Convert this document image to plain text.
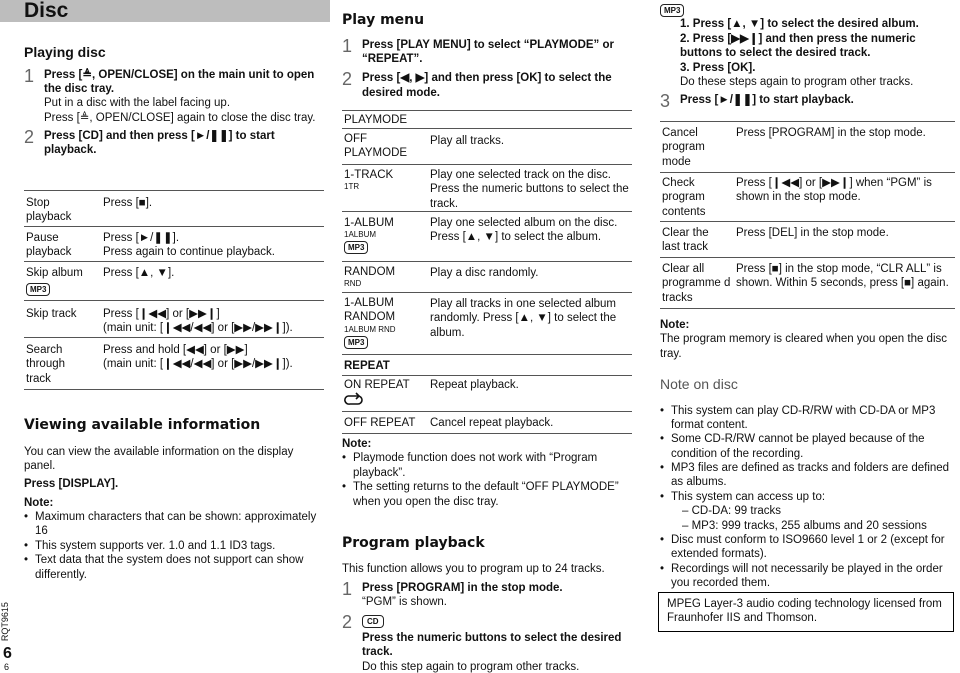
Disc
RQT9615
6
6
Playing disc
1 Press [≜, OPEN/CLOSE] on the main unit to open the disc tray.
Put in a disc with the label facing up.
Press [≜, OPEN/CLOSE] again to close the disc tray.
2 Press [CD] and then press [►/❚❚] to start playback.
Stop playback
Press [■].
Pause playback
Press [►/❚❚].
Press again to continue playback.
Skip album
MP3
Press [▲, ▼].
Skip track Press [❙◀◀] or [▶▶❙]
(main unit: [❙◀◀/◀◀] or [▶▶/▶▶❙]).
Search through track
Press and hold [◀◀] or [▶▶]
(main unit: [❙◀◀/◀◀] or [▶▶/▶▶❙]).
Viewing available information
You can view the available information on the display panel.
Press [DISPLAY].
Note:
• Maximum characters that can be shown: approximately 16
• This system supports ver. 1.0 and 1.1 ID3 tags.
• Text data that the system does not support can show differently.
Play menu
1 Press [PLAY MENU] to select “PLAYMODE” or “REPEAT”.
2 Press [◀, ▶] and then press [OK] to select the desired mode.
PLAYMODE
OFF PLAYMODE
Play all tracks.
1-TRACK
1TR
Play one selected track on the disc. Press the numeric buttons to select the track.
1-ALBUM
1ALBUM
MP3
Play one selected album on the disc. Press [▲, ▼] to select the album.
RANDOM
RND
Play a disc randomly.
1-ALBUM RANDOM
1ALBUM RND
MP3
Play all tracks in one selected album randomly. Press [▲, ▼] to select the album.
REPEAT
ON REPEAT Repeat playback.
OFF REPEAT Cancel repeat playback.
Note:
• Playmode function does not work with “Program playback”.
• The setting returns to the default “OFF PLAYMODE” when you open the disc tray.
Program playback
This function allows you to program up to 24 tracks.
1 Press [PROGRAM] in the stop mode.
“PGM” is shown.
2 CD
Press the numeric buttons to select the desired track.
Do this step again to program other tracks.
MP3
1. Press [▲, ▼] to select the desired album.
2. Press [▶▶❙] and then press the numeric buttons to select the desired track.
3. Press [OK].
Do these steps again to program other tracks.
3 Press [►/❚❚] to start playback.
Cancel program mode
Press [PROGRAM] in the stop mode.
Check program contents
Press [❙◀◀] or [▶▶❙] when “PGM” is shown in the stop mode.
Clear the last track
Press [DEL] in the stop mode.
Clear all programme d tracks
Press [■] in the stop mode, “CLR ALL” is shown. Within 5 seconds, press [■] again.
Note:
The program memory is cleared when you open the disc tray.
Note on disc
• This system can play CD-R/RW with CD-DA or MP3 format content.
• Some CD-R/RW cannot be played because of the condition of the recording.
• MP3 files are defined as tracks and folders are defined as albums.
• This system can access up to:
– CD-DA: 99 tracks
– MP3: 999 tracks, 255 albums and 20 sessions
• Disc must conform to ISO9660 level 1 or 2 (except for extended formats).
• Recordings will not necessarily be played in the order you recorded them.
MPEG Layer-3 audio coding technology licensed from Fraunhofer IIS and Thomson.
